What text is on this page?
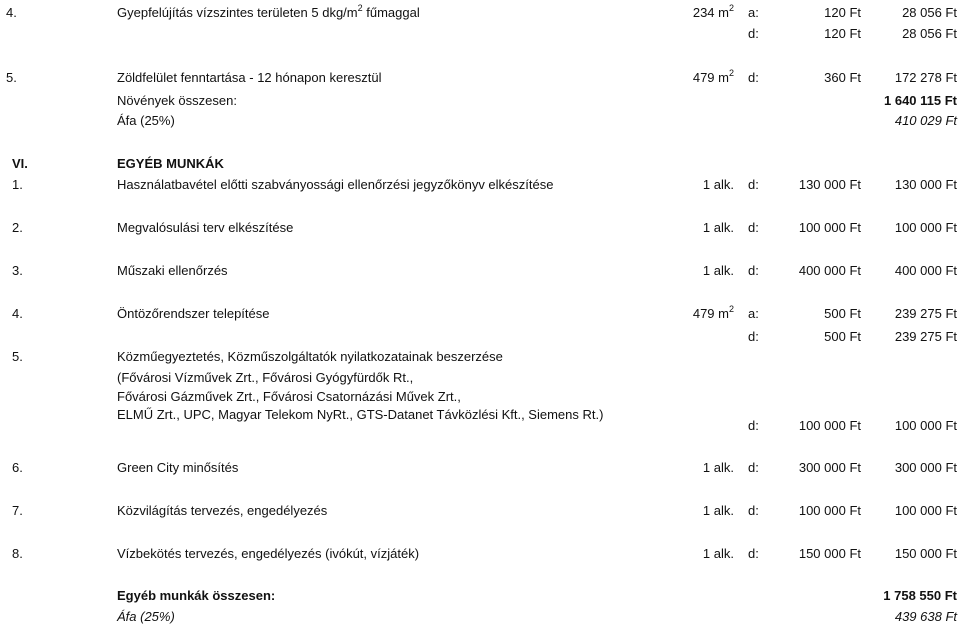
4.	Gyepfelújítás vízszintes területen 5 dkg/$m^2$ fűmaggal	234 $m^2$ a:	120 Ft	28 056 Ft
d:	120 Ft	28 056 Ft
5.	Zöldfelület fenntartása - 12 hónapon keresztül	479 $m^2$ d:	360 Ft	172 278 Ft
Növények összesen:	1 640 115 Ft
Áfa (25%)	410 029 Ft
VI.	EGYÉB MUNKÁK
1.	Használatbavétel előtti szabványossági ellenőrzési jegyzőkönyv elkészítése	1 alk. d:	130 000 Ft	130 000 Ft
2.	Megvalósulási terv elkészítése	1 alk. d:	100 000 Ft	100 000 Ft
3.	Műszaki ellenőrzés	1 alk. d:	400 000 Ft	400 000 Ft
4.	Öntözőrendszer telepítése	479 $m^2$ a:	500 Ft	239 275 Ft
d:	500 Ft	239 275 Ft
5.	Közműegyeztetés, Közműszolgáltatók nyilatkozatainak beszerzése
(Fővárosi Vízművek Zrt., Fővárosi Gyógyfürdők Rt.,
Fővárosi Gázművek Zrt., Fővárosi Csatornázási Művek Zrt.,
ELMŰ Zrt., UPC, Magyar Telekom NyRt., GTS-Datanet Távközlési Kft., Siemens Rt.)
d:	100 000 Ft	100 000 Ft
6.	Green City minősítés	1 alk. d:	300 000 Ft	300 000 Ft
7.	Közvilágítás tervezés, engedélyezés	1 alk. d:	100 000 Ft	100 000 Ft
8.	Vízbekötés tervezés, engedélyezés (ivókút, vízjáték)	1 alk. d:	150 000 Ft	150 000 Ft
Egyéb munkák összesen:	1 758 550 Ft
Áfa (25%)	439 638 Ft
